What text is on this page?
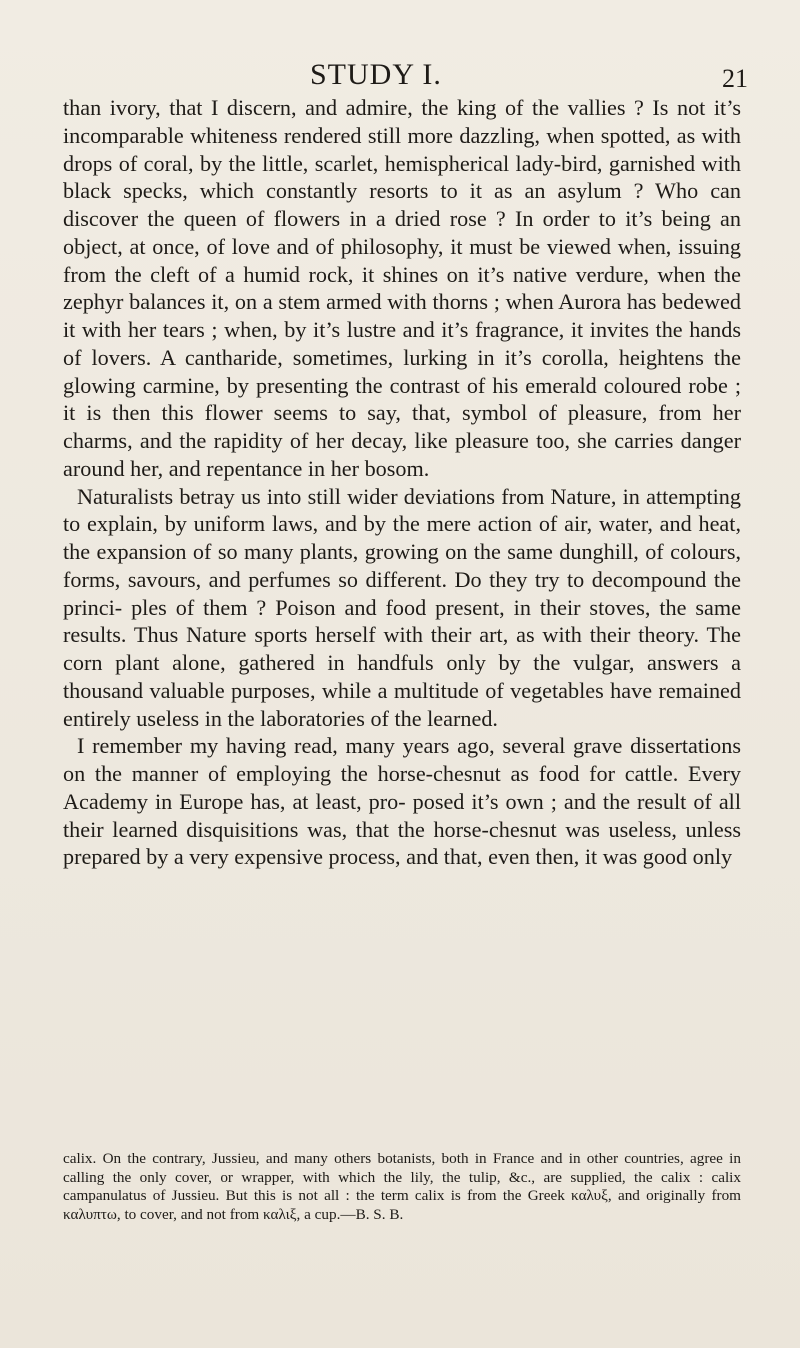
STUDY I.	21

than ivory, that I discern, and admire, the king of the vallies ? Is not it’s incomparable whiteness rendered still more dazzling, when spotted, as with drops of coral, by the little, scarlet, hemispherical lady-bird, garnished with black specks, which constantly resorts to it as an asylum ? Who can discover the queen of flowers in a dried rose ? In order to it’s being an object, at once, of love and of philosophy, it must be viewed when, issuing from the cleft of a humid rock, it shines on it’s native verdure, when the zephyr balances it, on a stem armed with thorns ; when Aurora has bedewed it with her tears ; when, by it’s lustre and it’s fragrance, it invites the hands of lovers. A cantharide, sometimes, lurking in it’s corolla, heightens the glowing carmine, by presenting the contrast of his emerald coloured robe ; it is then this flower seems to say, that, symbol of pleasure, from her charms, and the rapidity of her decay, like pleasure too, she carries danger around her, and repentance in her bosom.

Naturalists betray us into still wider deviations from Nature, in attempting to explain, by uniform laws, and by the mere action of air, water, and heat, the expansion of so many plants, growing on the same dunghill, of colours, forms, savours, and perfumes so different. Do they try to decompound the princi- ples of them ? Poison and food present, in their stoves, the same results. Thus Nature sports herself with their art, as with their theory. The corn plant alone, gathered in handfuls only by the vulgar, answers a thousand valuable purposes, while a multitude of vegetables have remained entirely useless in the laboratories of the learned.

I remember my having read, many years ago, several grave dissertations on the manner of employing the horse-chesnut as food for cattle. Every Academy in Europe has, at least, pro- posed it’s own ; and the result of all their learned disquisitions was, that the horse-chesnut was useless, unless prepared by a very expensive process, and that, even then, it was good only

calix. On the contrary, Jussieu, and many others botanists, both in France and in other countries, agree in calling the only cover, or wrapper, with which the lily, the tulip, &c., are supplied, the calix : calix campanulatus of Jussieu. But this is not all : the term calix is from the Greek καλυξ, and originally from καλυπτω, to cover, and not from καλιξ, a cup.—B. S. B.
